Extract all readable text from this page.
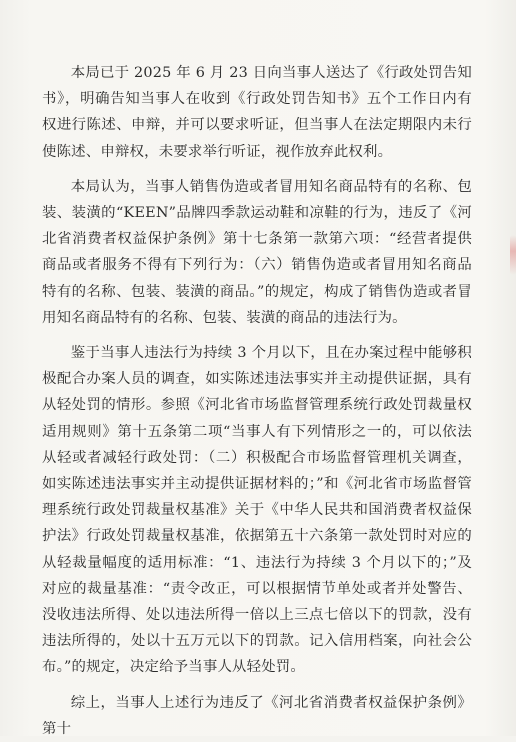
本局已于 2025 年 6 月 23 日向当事人送达了《行政处罚告知书》，明确告知当事人在收到《行政处罚告知书》五个工作日内有权进行陈述、申辩，并可以要求听证，但当事人在法定期限内未行使陈述、申辩权，未要求举行听证，视作放弃此权利。

本局认为，当事人销售伪造或者冒用知名商品特有的名称、包装、装潢的“KEEN”品牌四季款运动鞋和凉鞋的行为，违反了《河北省消费者权益保护条例》第十七条第一款第六项：“经营者提供商品或者服务不得有下列行为：（六）销售伪造或者冒用知名商品特有的名称、包装、装潢的商品。”的规定，构成了销售伪造或者冒用知名商品特有的名称、包装、装潢的商品的违法行为。

鉴于当事人违法行为持续 3 个月以下，且在办案过程中能够积极配合办案人员的调查，如实陈述违法事实并主动提供证据，具有从轻处罚的情形。参照《河北省市场监督管理系统行政处罚裁量权适用规则》第十五条第二项“当事人有下列情形之一的，可以依法从轻或者减轻行政处罚：（二）积极配合市场监督管理机关调查，如实陈述违法事实并主动提供证据材料的；”和《河北省市场监督管理系统行政处罚裁量权基准》关于《中华人民共和国消费者权益保护法》行政处罚裁量权基准，依据第五十六条第一款处罚时对应的从轻裁量幅度的适用标准：“1、违法行为持续 3 个月以下的；”及对应的裁量基准：“责令改正，可以根据情节单处或者并处警告、没收违法所得、处以违法所得一倍以上三点七倍以下的罚款，没有违法所得的，处以十五万元以下的罚款。记入信用档案，向社会公布。”的规定，决定给予当事人从轻处罚。

综上，当事人上述行为违反了《河北省消费者权益保护条例》第十
